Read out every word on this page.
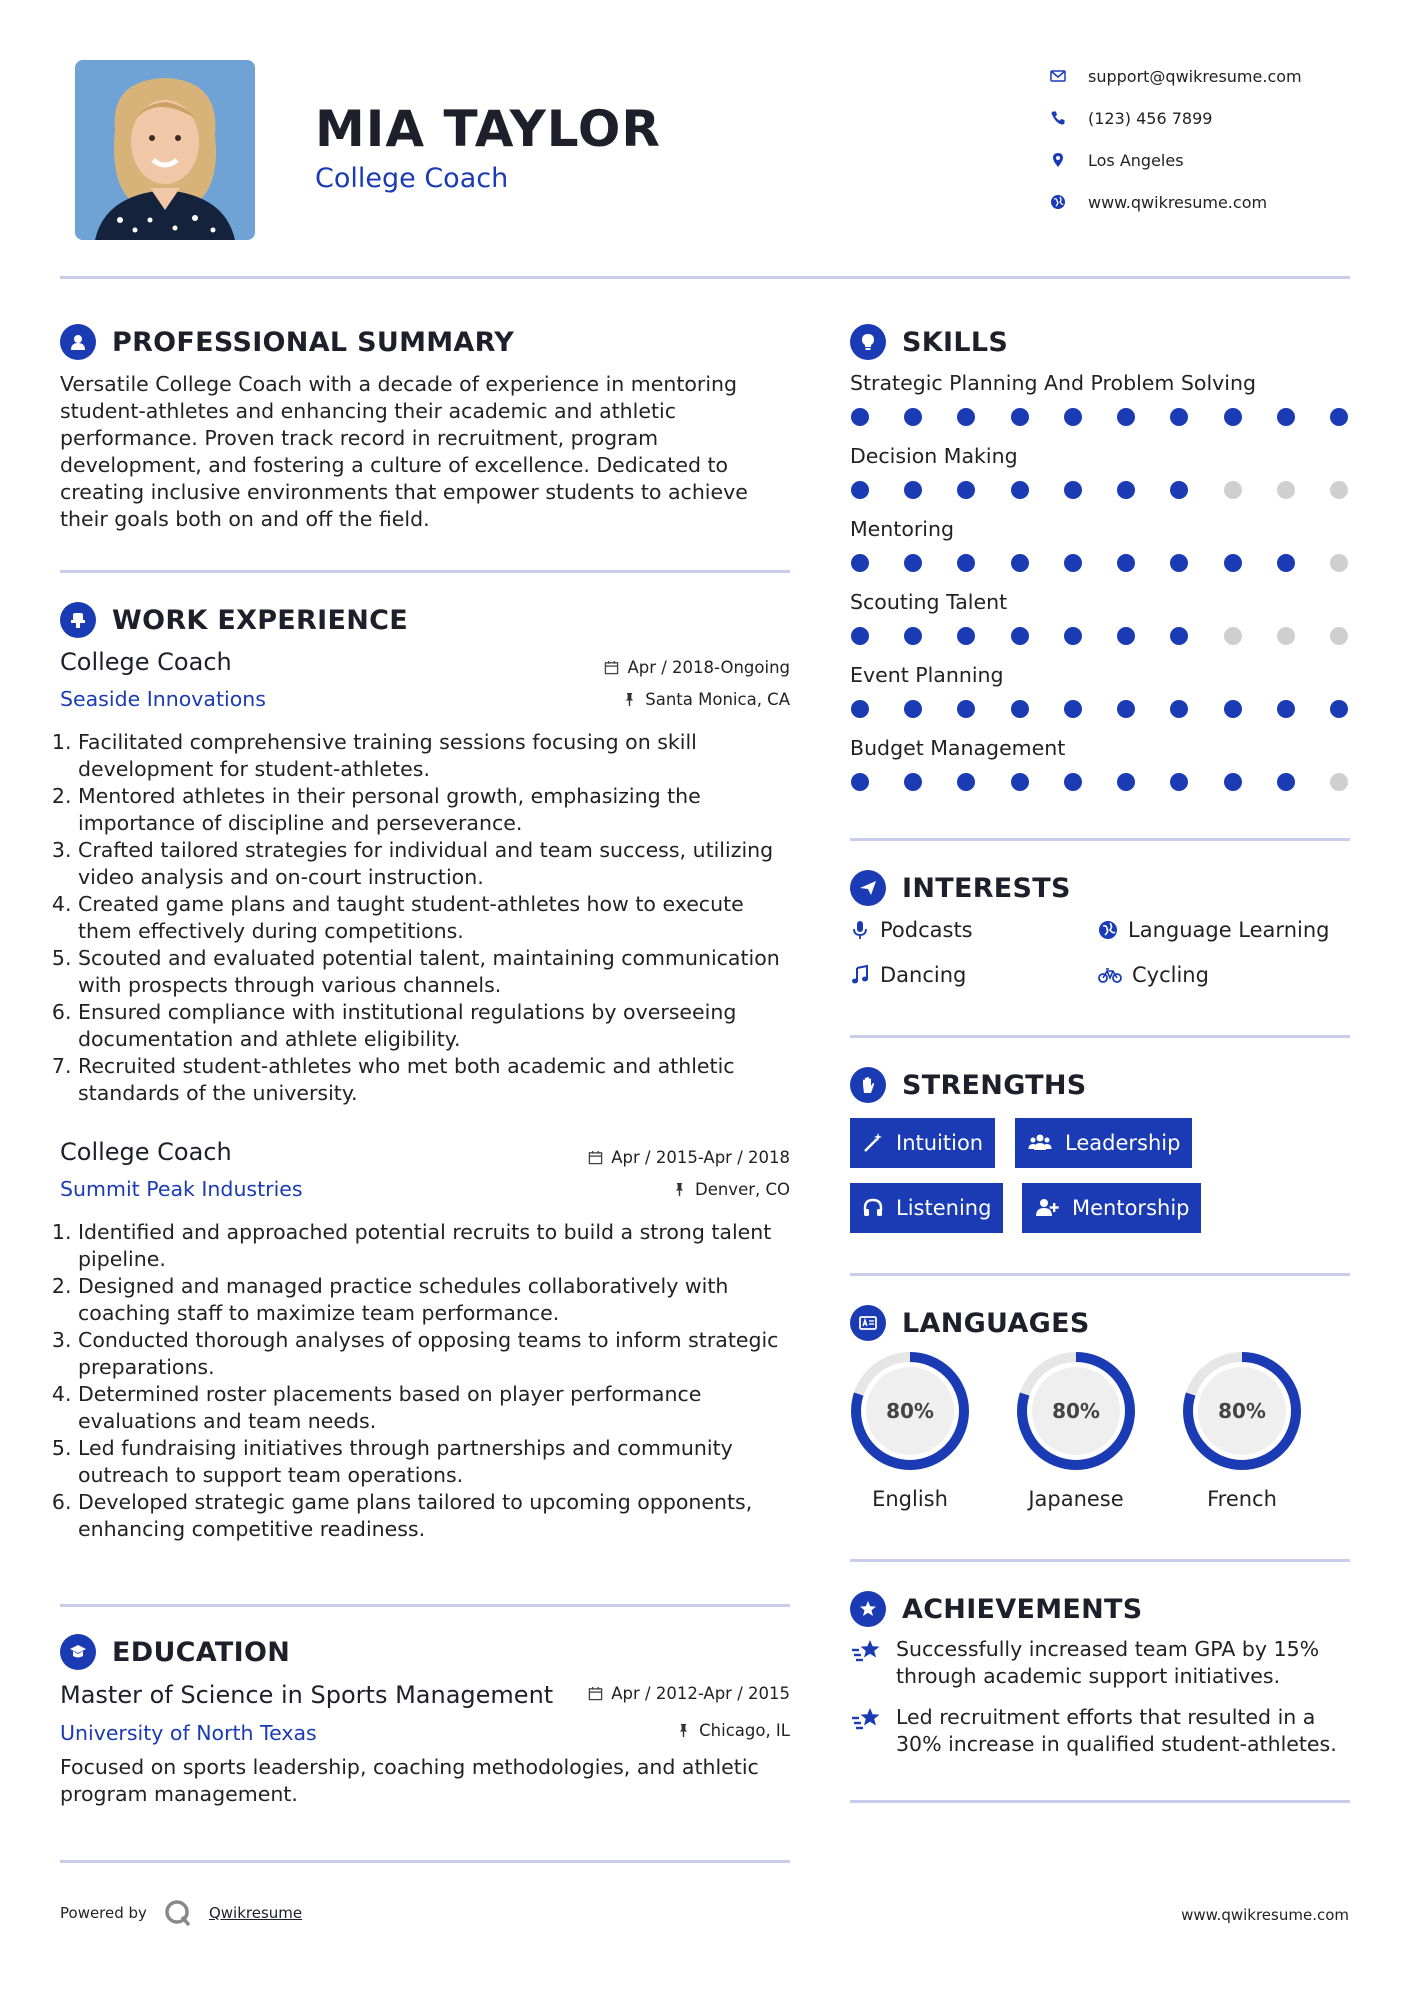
MIA TAYLOR
College Coach
support@qwikresume.com
(123) 456 7899
Los Angeles
www.qwikresume.com
PROFESSIONAL SUMMARY
Versatile College Coach with a decade of experience in mentoring student-athletes and enhancing their academic and athletic performance. Proven track record in recruitment, program development, and fostering a culture of excellence. Dedicated to creating inclusive environments that empower students to achieve their goals both on and off the field.
WORK EXPERIENCE
College Coach	Apr / 2018-Ongoing
Seaside Innovations	Santa Monica, CA
1. Facilitated comprehensive training sessions focusing on skill development for student-athletes.
2. Mentored athletes in their personal growth, emphasizing the importance of discipline and perseverance.
3. Crafted tailored strategies for individual and team success, utilizing video analysis and on-court instruction.
4. Created game plans and taught student-athletes how to execute them effectively during competitions.
5. Scouted and evaluated potential talent, maintaining communication with prospects through various channels.
6. Ensured compliance with institutional regulations by overseeing documentation and athlete eligibility.
7. Recruited student-athletes who met both academic and athletic standards of the university.
College Coach	Apr / 2015-Apr / 2018
Summit Peak Industries	Denver, CO
1. Identified and approached potential recruits to build a strong talent pipeline.
2. Designed and managed practice schedules collaboratively with coaching staff to maximize team performance.
3. Conducted thorough analyses of opposing teams to inform strategic preparations.
4. Determined roster placements based on player performance evaluations and team needs.
5. Led fundraising initiatives through partnerships and community outreach to support team operations.
6. Developed strategic game plans tailored to upcoming opponents, enhancing competitive readiness.
EDUCATION
Master of Science in Sports Management	Apr / 2012-Apr / 2015
University of North Texas	Chicago, IL
Focused on sports leadership, coaching methodologies, and athletic program management.
SKILLS
Strategic Planning And Problem Solving
Decision Making
Mentoring
Scouting Talent
Event Planning
Budget Management
INTERESTS
Podcasts	Language Learning
Dancing	Cycling
STRENGTHS
Intuition	Leadership
Listening	Mentorship
LANGUAGES
80%
English
80%
Japanese
80%
French
ACHIEVEMENTS
Successfully increased team GPA by 15% through academic support initiatives.
Led recruitment efforts that resulted in a 30% increase in qualified student-athletes.
Powered by	Qwikresume	www.qwikresume.com
